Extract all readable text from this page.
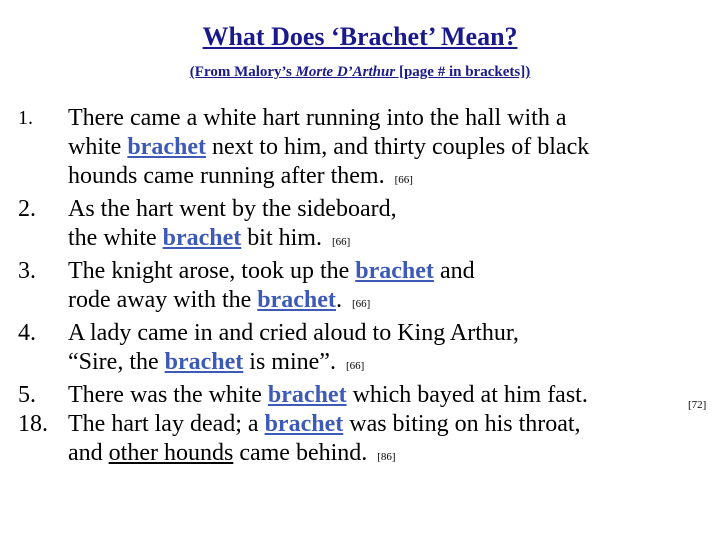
What Does ‘Brachet’ Mean?
(From Malory’s Morte D’Arthur [page # in brackets])
1.	There came a white hart running into the hall with a
white brachet next to him, and thirty couples of black
hounds came running after them. [66]
2.	As the hart went by the sideboard,
the white brachet bit him. [66]
3.	The knight arose, took up the brachet and
rode away with the brachet. [66]
4.	A lady came in and cried aloud to King Arthur,
“Sire, the brachet is mine”. [66]
5.	There was the white brachet which bayed at him fast.	[72]
18. The hart lay dead; a brachet was biting on his throat,
and other hounds came behind. [86]
